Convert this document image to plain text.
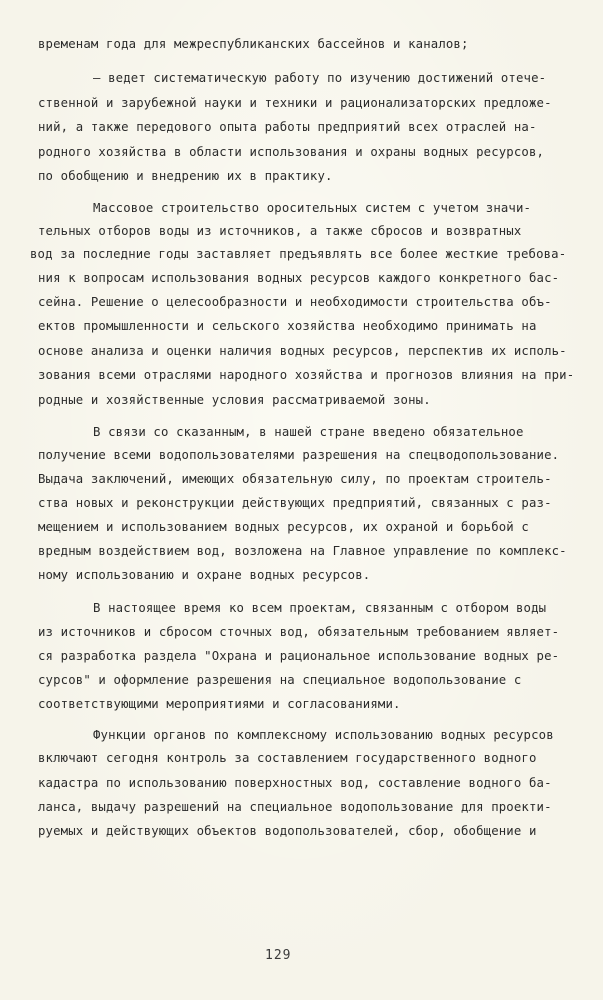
временам года для межреспубликанских бассейнов и каналов;
– ведет систематическую работу по изучению достижений отече-
ственной и зарубежной науки и техники и рационализаторских предложе-
ний, а также передового опыта работы предприятий всех отраслей на-
родного хозяйства в области использования и охраны водных ресурсов,
по обобщению и внедрению их в практику.
Массовое строительство оросительных систем с учетом значи-
тельных отборов воды из источников, а также сбросов и возвратных
вод за последние годы заставляет предъявлять все более жесткие требова-
ния к вопросам использования водных ресурсов каждого конкретного бас-
сейна. Решение о целесообразности и необходимости строительства объ-
ектов промышленности и сельского хозяйства необходимо принимать на
основе анализа и оценки наличия водных ресурсов, перспектив их исполь-
зования всеми отраслями народного хозяйства и прогнозов влияния на при-
родные и хозяйственные условия рассматриваемой зоны.
В связи со сказанным, в нашей стране введено обязательное
получение всеми водопользователями разрешения на спецводопользование.
Выдача заключений, имеющих обязательную силу, по проектам строитель-
ства новых и реконструкции действующих предприятий, связанных с раз-
мещением и использованием водных ресурсов, их охраной и борьбой с
вредным воздействием вод, возложена на Главное управление по комплекс-
ному использованию и охране водных ресурсов.
В настоящее время ко всем проектам, связанным с отбором воды
из источников и сбросом сточных вод, обязательным требованием являет-
ся разработка раздела "Охрана и рациональное использование водных ре-
сурсов" и оформление разрешения на специальное водопользование с
соответствующими мероприятиями и согласованиями.
Функции органов по комплексному использованию водных ресурсов
включают сегодня контроль за составлением государственного водного
кадастра по использованию поверхностных вод, составление водного ба-
ланса, выдачу разрешений на специальное водопользование для проекти-
руемых и действующих объектов водопользователей, сбор, обобщение и
129
